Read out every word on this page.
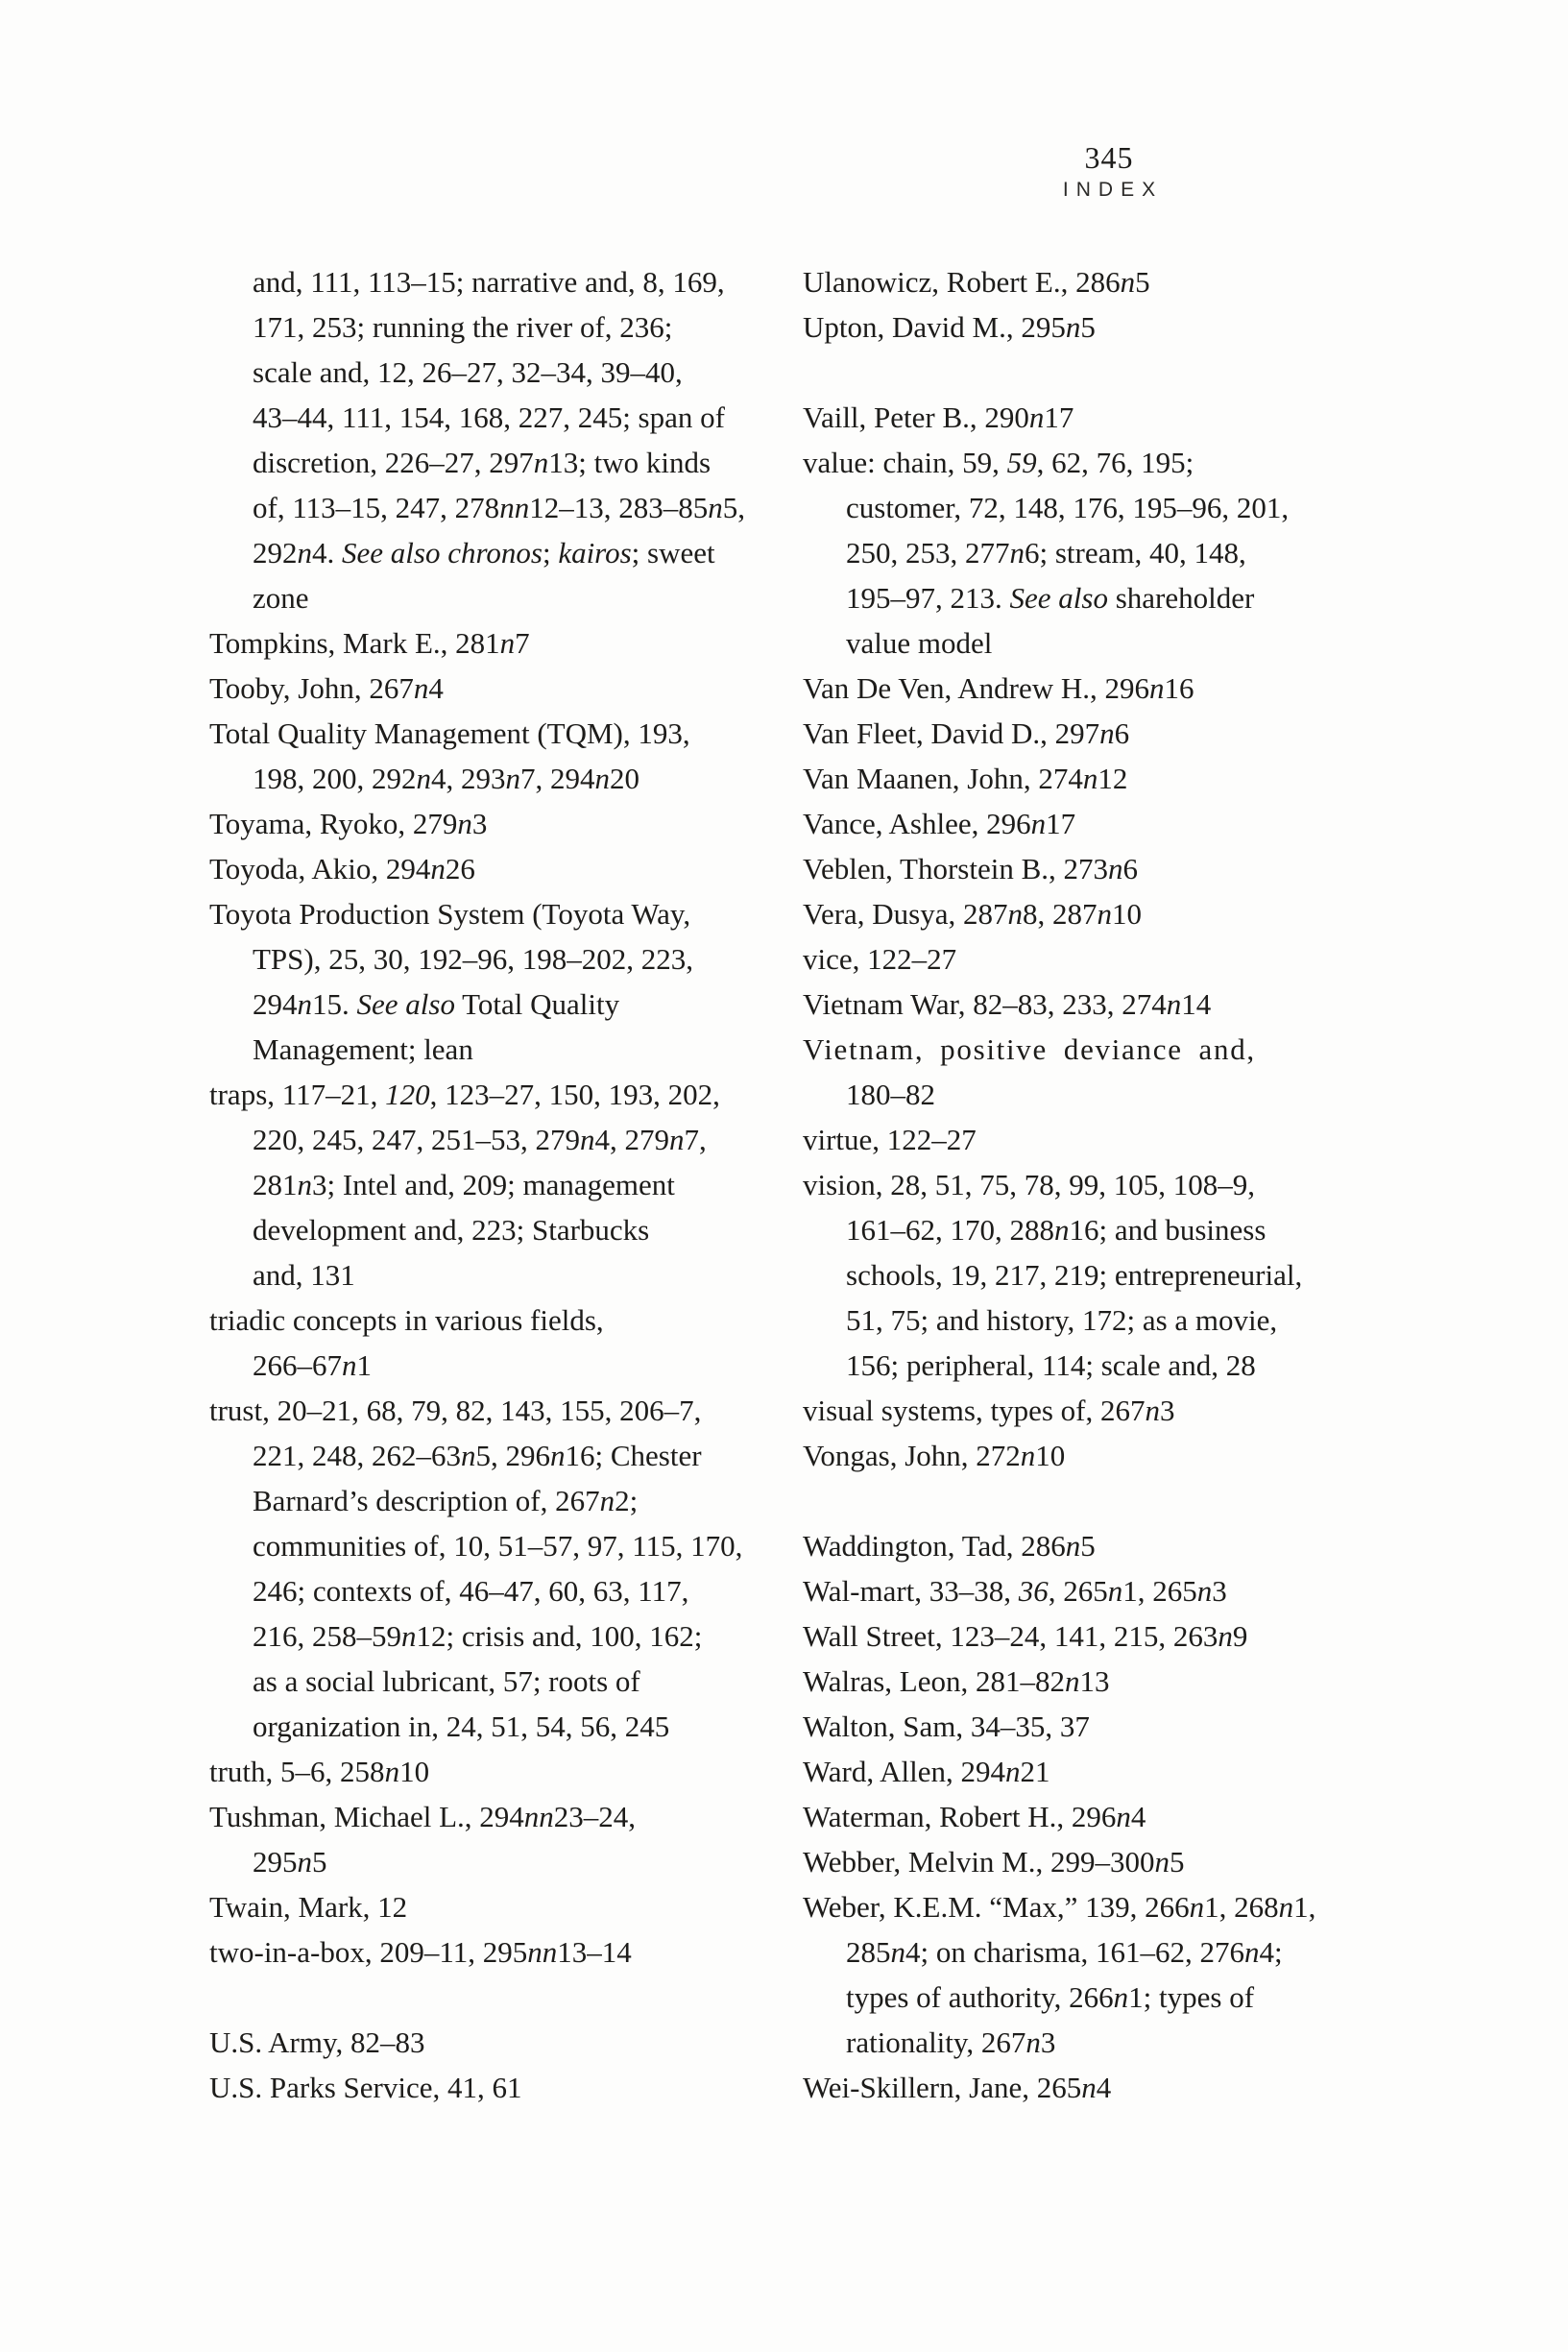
345
INDEX
and, 111, 113–15; narrative and, 8, 169,
171, 253; running the river of, 236;
scale and, 12, 26–27, 32–34, 39–40,
43–44, 111, 154, 168, 227, 245; span of
discretion, 226–27, 297n13; two kinds
of, 113–15, 247, 278nn12–13, 283–85n5,
292n4. See also chronos; kairos; sweet
zone
Tompkins, Mark E., 281n7
Tooby, John, 267n4
Total Quality Management (TQM), 193,
198, 200, 292n4, 293n7, 294n20
Toyama, Ryoko, 279n3
Toyoda, Akio, 294n26
Toyota Production System (Toyota Way,
TPS), 25, 30, 192–96, 198–202, 223,
294n15. See also Total Quality
Management; lean
traps, 117–21, 120, 123–27, 150, 193, 202,
220, 245, 247, 251–53, 279n4, 279n7,
281n3; Intel and, 209; management
development and, 223; Starbucks
and, 131
triadic concepts in various fields,
266–67n1
trust, 20–21, 68, 79, 82, 143, 155, 206–7,
221, 248, 262–63n5, 296n16; Chester
Barnard’s description of, 267n2;
communities of, 10, 51–57, 97, 115, 170,
246; contexts of, 46–47, 60, 63, 117,
216, 258–59n12; crisis and, 100, 162;
as a social lubricant, 57; roots of
organization in, 24, 51, 54, 56, 245
truth, 5–6, 258n10
Tushman, Michael L., 294nn23–24,
295n5
Twain, Mark, 12
two-in-a-box, 209–11, 295nn13–14
U.S. Army, 82–83
U.S. Parks Service, 41, 61
Ulanowicz, Robert E., 286n5
Upton, David M., 295n5
Vaill, Peter B., 290n17
value: chain, 59, 59, 62, 76, 195;
customer, 72, 148, 176, 195–96, 201,
250, 253, 277n6; stream, 40, 148,
195–97, 213. See also shareholder
value model
Van De Ven, Andrew H., 296n16
Van Fleet, David D., 297n6
Van Maanen, John, 274n12
Vance, Ashlee, 296n17
Veblen, Thorstein B., 273n6
Vera, Dusya, 287n8, 287n10
vice, 122–27
Vietnam War, 82–83, 233, 274n14
Vietnam, positive deviance and,
180–82
virtue, 122–27
vision, 28, 51, 75, 78, 99, 105, 108–9,
161–62, 170, 288n16; and business
schools, 19, 217, 219; entrepreneurial,
51, 75; and history, 172; as a movie,
156; peripheral, 114; scale and, 28
visual systems, types of, 267n3
Vongas, John, 272n10
Waddington, Tad, 286n5
Wal-mart, 33–38, 36, 265n1, 265n3
Wall Street, 123–24, 141, 215, 263n9
Walras, Leon, 281–82n13
Walton, Sam, 34–35, 37
Ward, Allen, 294n21
Waterman, Robert H., 296n4
Webber, Melvin M., 299–300n5
Weber, K.E.M. “Max,” 139, 266n1, 268n1,
285n4; on charisma, 161–62, 276n4;
types of authority, 266n1; types of
rationality, 267n3
Wei-Skillern, Jane, 265n4
